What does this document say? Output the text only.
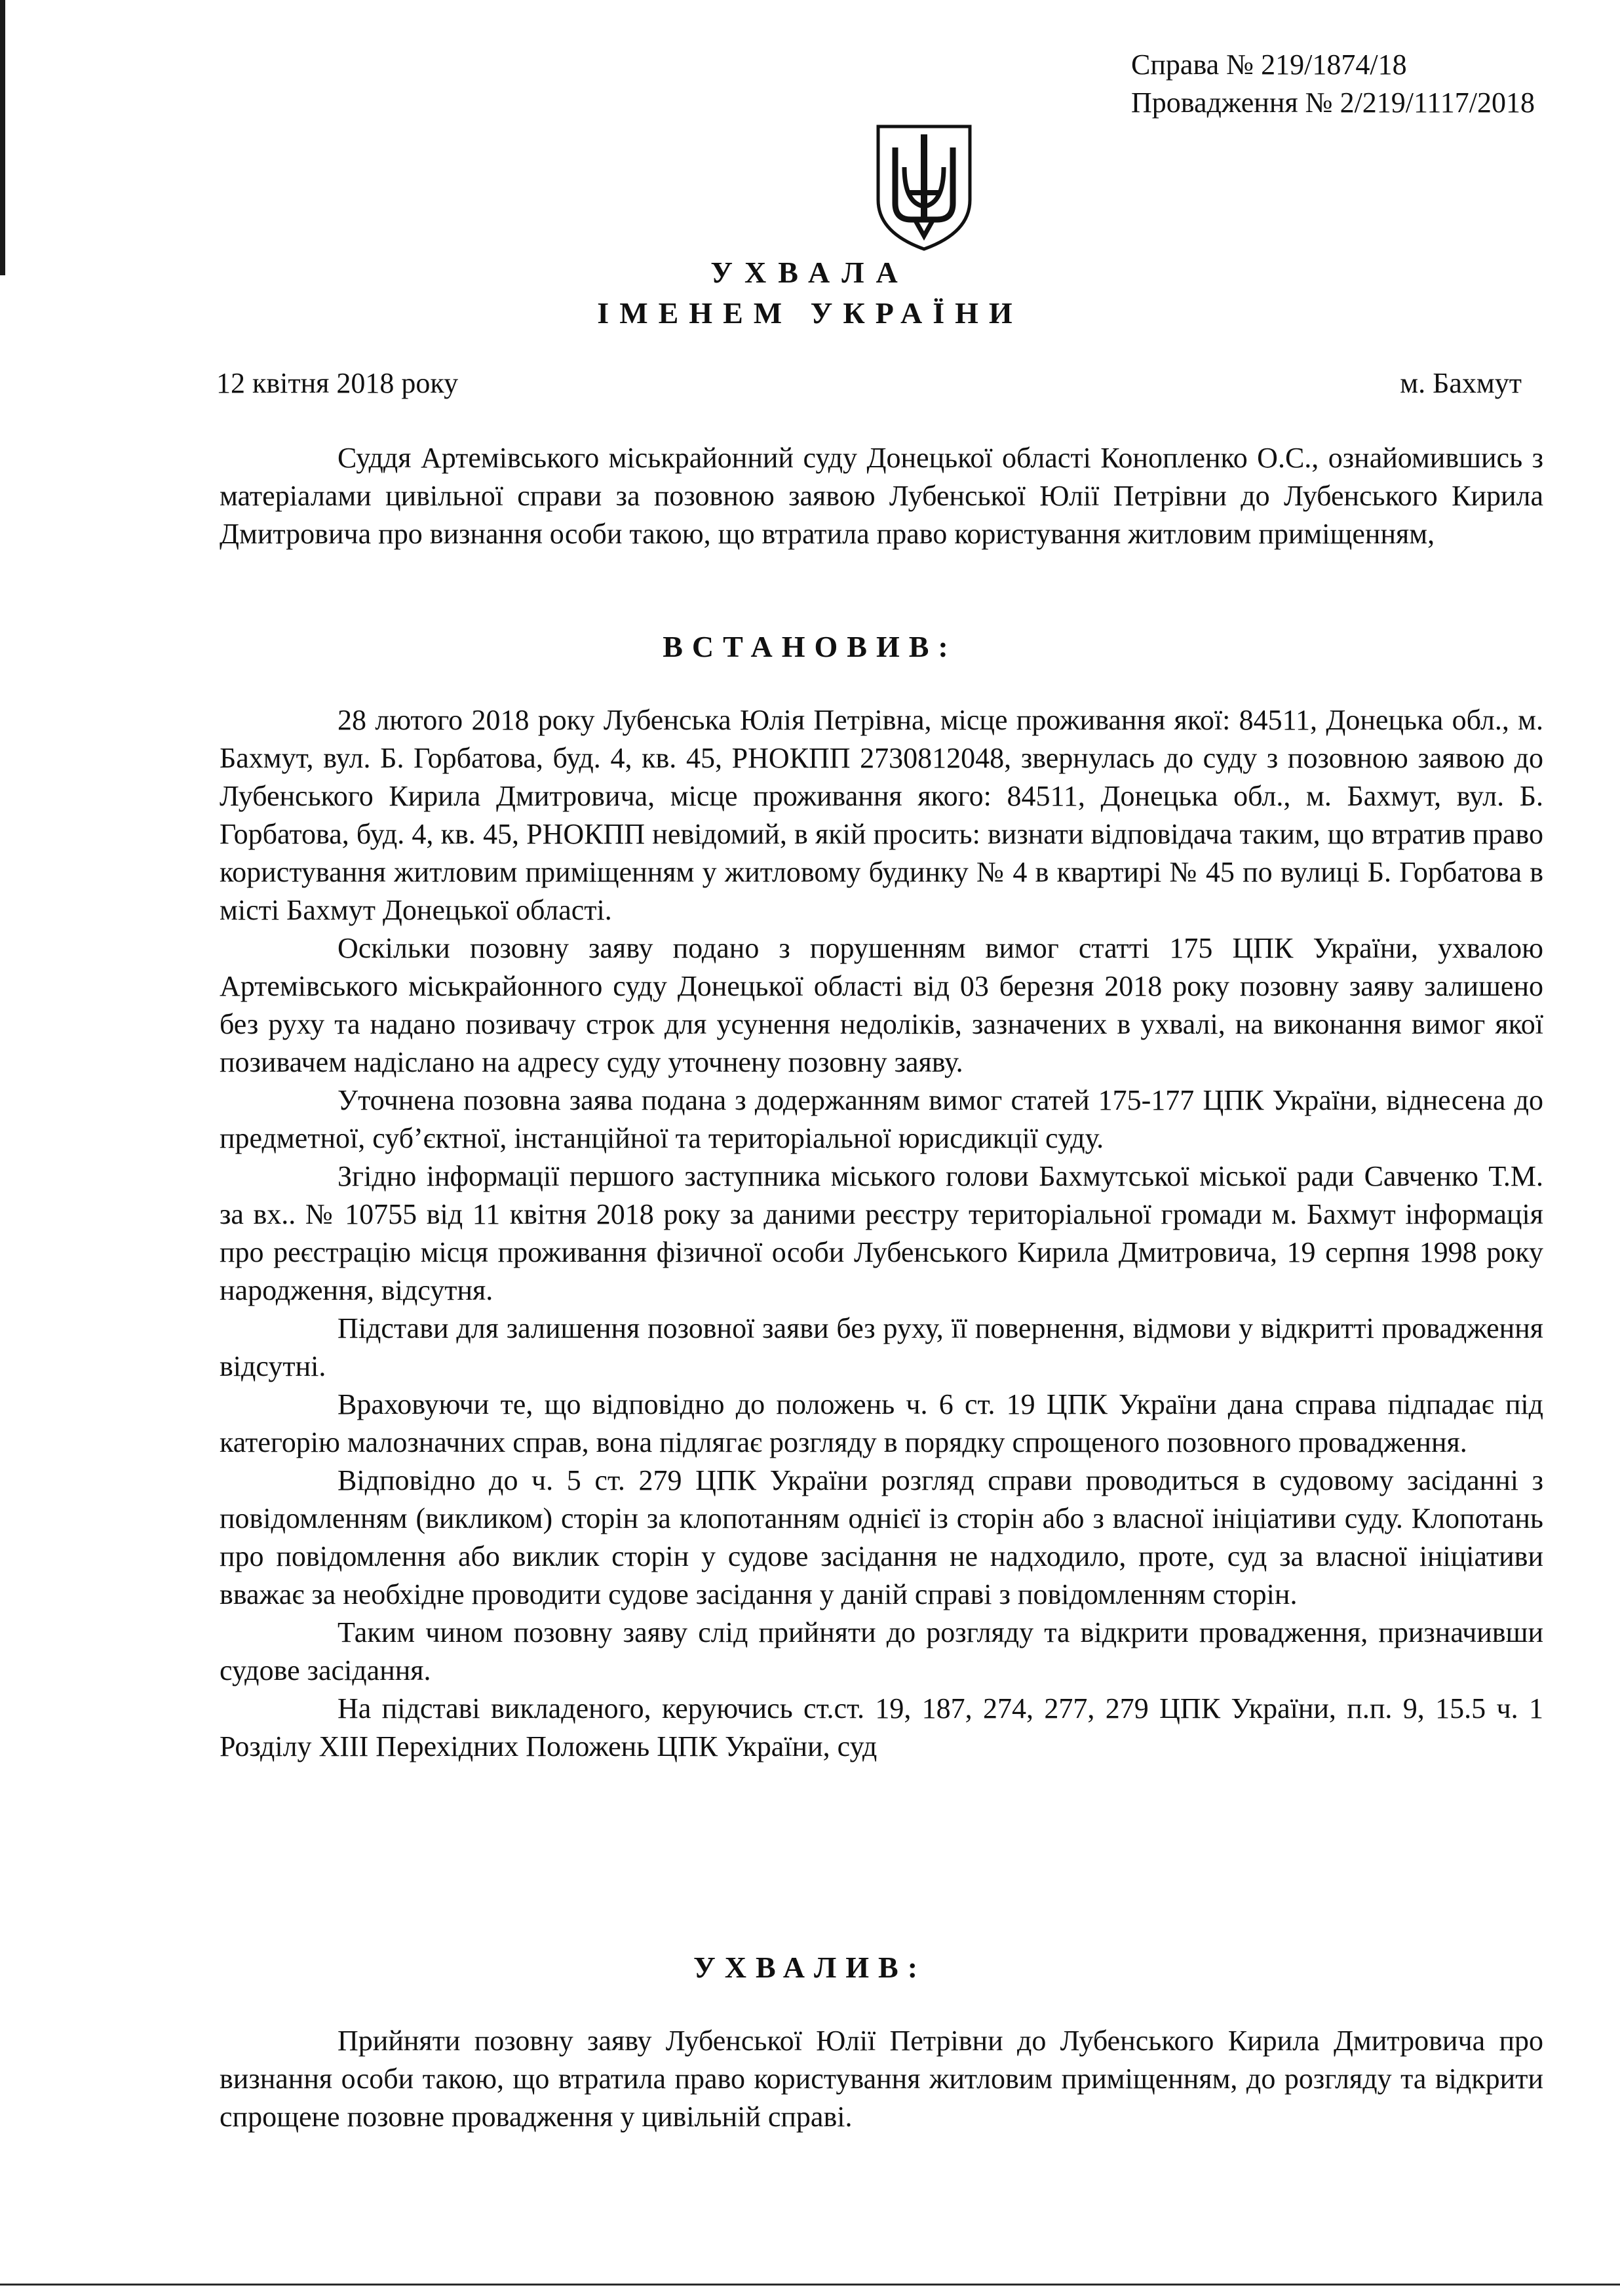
Справа № 219/1874/18
Провадження № 2/219/1117/2018
УХВАЛА
ІМЕНЕМ УКРАЇНИ
12 квітня 2018 року	м. Бахмут

Суддя Артемівського міськрайонний суду Донецької області Конопленко О.С., ознайомившись з матеріалами цивільної справи за позовною заявою Лубенської Юлії Петрівни до Лубенського Кирила Дмитровича про визнання особи такою, що втратила право користування житловим приміщенням,

ВСТАНОВИВ:

28 лютого 2018 року Лубенська Юлія Петрівна, місце проживання якої: 84511, Донецька обл., м. Бахмут, вул. Б. Горбатова, буд. 4, кв. 45, РНОКПП 2730812048, звернулась до суду з позовною заявою до Лубенського Кирила Дмитровича, місце проживання якого: 84511, Донецька обл., м. Бахмут, вул. Б. Горбатова, буд. 4, кв. 45, РНОКПП невідомий, в якій просить: визнати відповідача таким, що втратив право користування житловим приміщенням у житловому будинку № 4 в квартирі № 45 по вулиці Б. Горбатова в місті Бахмут Донецької області.

Оскільки позовну заяву подано з порушенням вимог статті 175 ЦПК України, ухвалою Артемівського міськрайонного суду Донецької області від 03 березня 2018 року позовну заяву залишено без руху та надано позивачу строк для усунення недоліків, зазначених в ухвалі, на виконання вимог якої позивачем надіслано на адресу суду уточнену позовну заяву.

Уточнена позовна заява подана з додержанням вимог статей 175-177 ЦПК України, віднесена до предметної, суб’єктної, інстанційної та територіальної юрисдикції суду.

Згідно інформації першого заступника міського голови Бахмутської міської ради Савченко Т.М. за вх.. № 10755 від 11 квітня 2018 року за даними реєстру територіальної громади м. Бахмут інформація про реєстрацію місця проживання фізичної особи Лубенського Кирила Дмитровича, 19 серпня 1998 року народження, відсутня.

Підстави для залишення позовної заяви без руху, її повернення, відмови у відкритті провадження відсутні.

Враховуючи те, що відповідно до положень ч. 6 ст. 19 ЦПК України дана справа підпадає під категорію малозначних справ, вона підлягає розгляду в порядку спрощеного позовного провадження.

Відповідно до ч. 5 ст. 279 ЦПК України розгляд справи проводиться в судовому засіданні з повідомленням (викликом) сторін за клопотанням однієї із сторін або з власної ініціативи суду. Клопотань про повідомлення або виклик сторін у судове засідання не надходило, проте, суд за власної ініціативи вважає за необхідне проводити судове засідання у даній справі з повідомленням сторін.

Таким чином позовну заяву слід прийняти до розгляду та відкрити провадження, призначивши судове засідання.

На підставі викладеного, керуючись ст.ст. 19, 187, 274, 277, 279 ЦПК України, п.п. 9, 15.5 ч. 1 Розділу XIII Перехідних Положень ЦПК України, суд

УХВАЛИВ:

Прийняти позовну заяву Лубенської Юлії Петрівни до Лубенського Кирила Дмитровича про визнання особи такою, що втратила право користування житловим приміщенням, до розгляду та відкрити спрощене позовне провадження у цивільній справі.
